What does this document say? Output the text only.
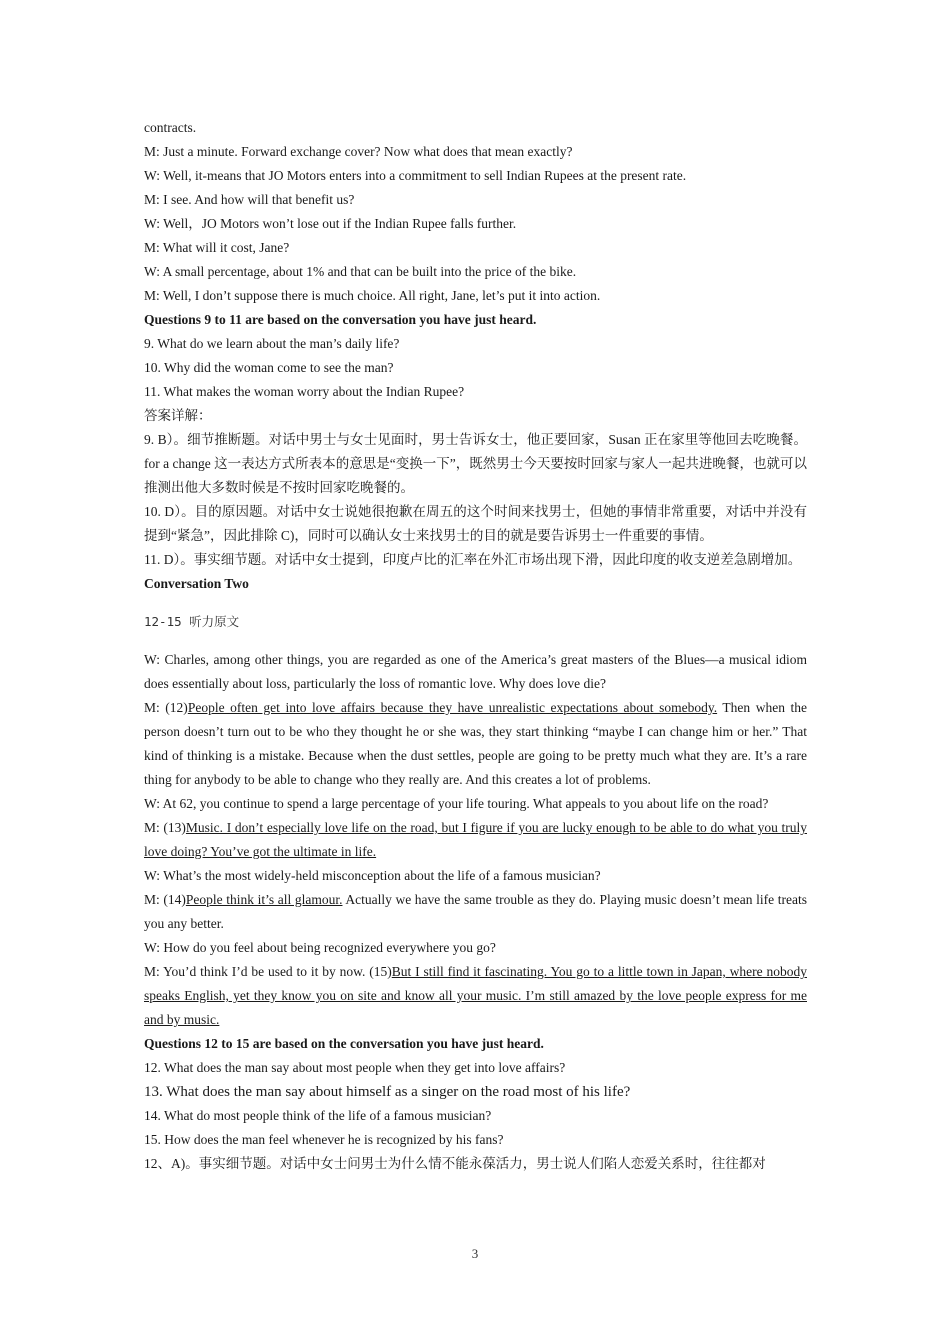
contracts.

M: Just a minute. Forward exchange cover? Now what does that mean exactly?

W: Well, it-means that JO Motors enters into a commitment to sell Indian Rupees at the present rate.

M: I see. And how will that benefit us?

W: Well，JO Motors won’t lose out if the Indian Rupee falls further.

M: What will it cost, Jane?

W: A small percentage, about 1% and that can be built into the price of the bike.

M: Well, I don’t suppose there is much choice. All right, Jane, let’s put it into action.

Questions 9 to 11 are based on the conversation you have just heard.

9. What do we learn about the man’s daily life?

10. Why did the woman come to see the man?

11. What makes the woman worry about the Indian Rupee?

答案详解：

9. B）。细节推断题。对话中男士与女士见面时，男士告诉女士，他正要回家，Susan 正在家里等他回去吃晚餐。for a change 这一表达方式所表本的意思是“变换一下”，既然男士今天要按时回家与家人一起共进晚餐，也就可以推测出他大多数时候是不按时回家吃晚餐的。

10. D）。目的原因题。对话中女士说她很抱歉在周五的这个时间来找男士，但她的事情非常重要，对话中并没有提到“紧急”，因此排除 C)，同时可以确认女士来找男士的目的就是要告诉男士一件重要的事情。

11. D）。事实细节题。对话中女士提到，印度卢比的汇率在外汇市场出现下滑，因此印度的收支逆差急剧增加。

Conversation Two

12-15 听力原文

W: Charles, among other things, you are regarded as one of the America’s great masters of the Blues—a musical idiom does essentially about loss, particularly the loss of romantic love. Why does love die?

M: (12)People often get into love affairs because they have unrealistic expectations about somebody. Then when the person doesn’t turn out to be who they thought he or she was, they start thinking “maybe I can change him or her.” That kind of thinking is a mistake. Because when the dust settles, people are going to be pretty much what they are. It’s a rare thing for anybody to be able to change who they really are. And this creates a lot of problems.

W: At 62, you continue to spend a large percentage of your life touring. What appeals to you about life on the road?

M: (13)Music. I don’t especially love life on the road, but I figure if you are lucky enough to be able to do what you truly love doing? You’ve got the ultimate in life.

W: What’s the most widely-held misconception about the life of a famous musician?

M: (14)People think it’s all glamour. Actually we have the same trouble as they do. Playing music doesn’t mean life treats you any better.

W: How do you feel about being recognized everywhere you go?

M: You’d think I’d be used to it by now. (15)But I still find it fascinating. You go to a little town in Japan, where nobody speaks English, yet they know you on site and know all your music. I’m still amazed by the love people express for me and by music.

Questions 12 to 15 are based on the conversation you have just heard.

12. What does the man say about most people when they get into love affairs?

13. What does the man say about himself as a singer on the road most of his life?

14. What do most people think of the life of a famous musician?

15. How does the man feel whenever he is recognized by his fans?

12、A)。事实细节题。对话中女士问男士为什么情不能永葆活力，男士说人们陷人恋爱关系时，往往都对

3
